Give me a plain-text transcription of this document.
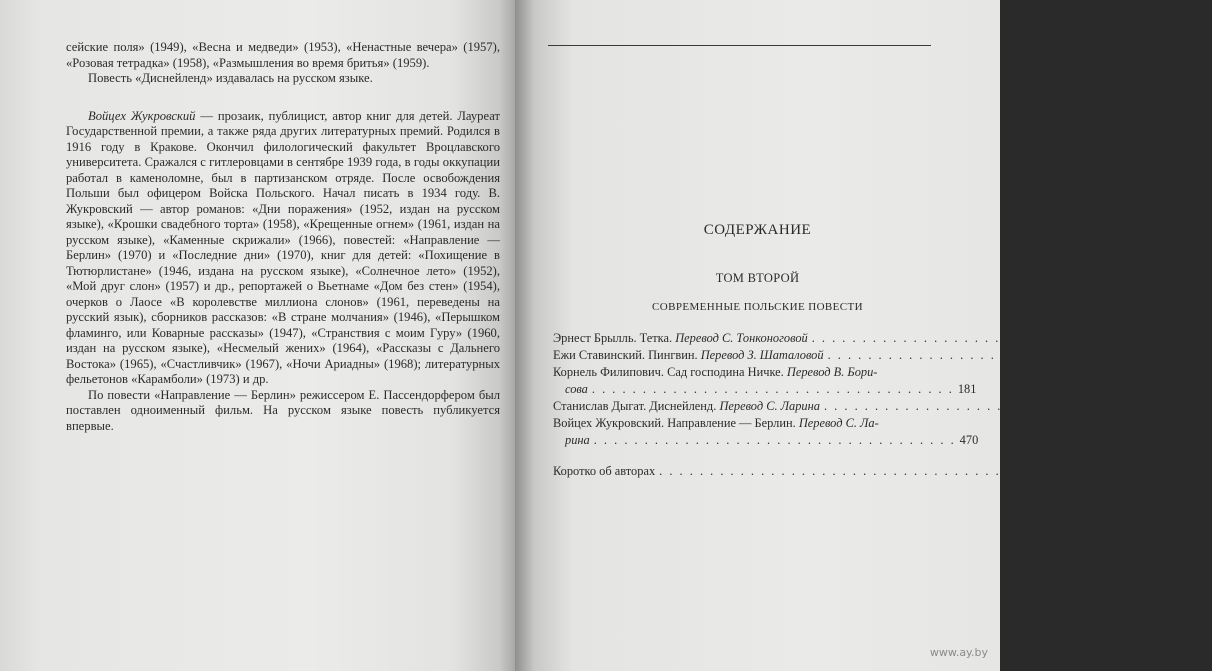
сейские поля» (1949), «Весна и медведи» (1953), «Ненастные вечера» (1957), «Розовая тетрадка» (1958), «Размышления во время бритья» (1959).

Повесть «Диснейленд» издавалась на русском языке.

Войцех Жукровский — прозаик, публицист, автор книг для детей. Лауреат Государственной премии, а также ряда других литературных премий. Родился в 1916 году в Кракове. Окончил филологический факультет Вроцлавского университета. Сражался с гитлеровцами в сентябре 1939 года, в годы оккупации работал в каменоломне, был в партизанском отряде. После освобождения Польши был офицером Войска Польского. Начал писать в 1934 году. В. Жукровский — автор романов: «Дни поражения» (1952, издан на русском языке), «Крошки свадебного торта» (1958), «Крещенные огнем» (1961, издан на русском языке), «Каменные скрижали» (1966), повестей: «Направление — Берлин» (1970) и «Последние дни» (1970), книг для детей: «Похищение в Тютюрлистане» (1946, издана на русском языке), «Солнечное лето» (1952), «Мой друг слон» (1957) и др., репортажей о Вьетнаме «Дом без стен» (1954), очерков о Лаосе «В королевстве миллиона слонов» (1961, переведены на русский язык), сборников рассказов: «В стране молчания» (1946), «Перышком фламинго, или Коварные рассказы» (1947), «Странствия с моим Гуру» (1960, издан на русском языке), «Несмелый жених» (1964), «Рассказы с Дальнего Востока» (1965), «Счастливчик» (1967), «Ночи Ариадны» (1968); литературных фельетонов «Карамболи» (1973) и др.

По повести «Направление — Берлин» режиссером Е. Пассендорфером был поставлен одноименный фильм. На русском языке повесть публикуется впервые.

СОДЕРЖАНИЕ
ТОМ ВТОРОЙ
СОВРЕМЕННЫЕ ПОЛЬСКИЕ ПОВЕСТИ
Эрнест Брылль. Тетка. Перевод С. Тонконоговой . . . . . . . . . . . . . . . . . . . . . . . . . . . . . . . . . . . . 7
Ежи Ставинский. Пингвин. Перевод З. Шаталовой . . . . . . . . . . . . . . . . . . . . . . . . . . . . . . . . . . . . 102
Корнель Филипович. Сад господина Ничке. Перевод В. Бори-
сова . . . . . . . . . . . . . . . . . . . . . . . . . . . . . . . . . . . . 181
Станислав Дыгат. Диснейленд. Перевод С. Ларина . . . . . . . . . . . . . . . . . . . . . . . . . . . . . . . . . . . . 281
Войцех Жукровский. Направление — Берлин. Перевод С. Ла-
рина . . . . . . . . . . . . . . . . . . . . . . . . . . . . . . . . . . . . 470
Коротко об авторах . . . . . . . . . . . . . . . . . . . . . . . . . . . . . . . . . . . . 562
www.ay.by
